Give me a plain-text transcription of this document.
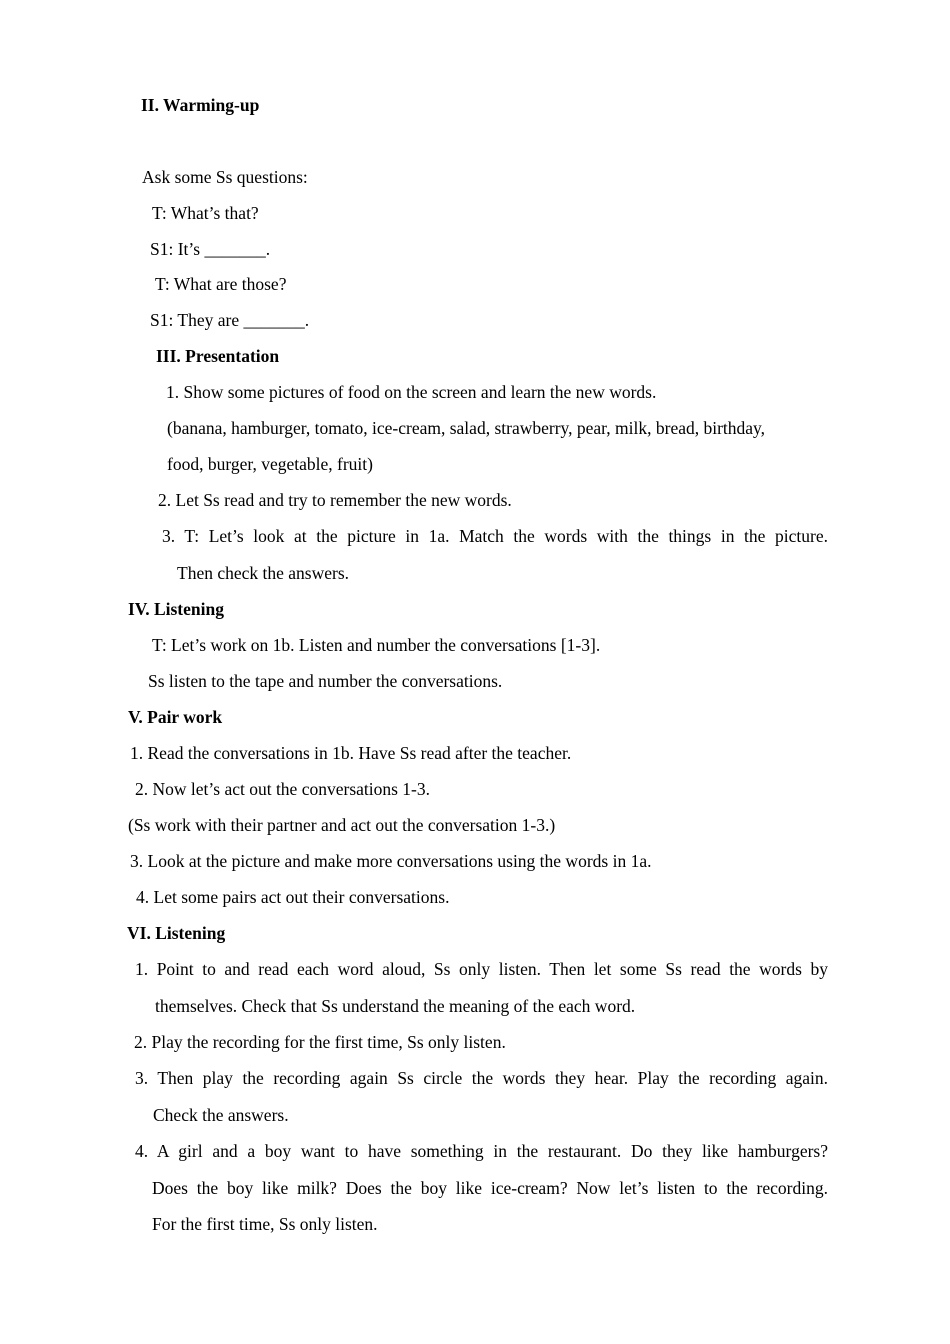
II. Warming-up
Ask some Ss questions:
T: What’s that?
S1: It’s _______.
T: What are those?
S1: They are _______.
III. Presentation
1. Show some pictures of food on the screen and learn the new words.
(banana, hamburger, tomato, ice-cream, salad, strawberry, pear, milk, bread, birthday,
food, burger, vegetable, fruit)
2. Let Ss read and try to remember the new words.
3. T: Let’s look at the picture in 1a. Match the words with the things in the picture.
Then check the answers.
IV. Listening
T: Let’s work on 1b. Listen and number the conversations [1-3].
Ss listen to the tape and number the conversations.
V. Pair work
1. Read the conversations in 1b. Have Ss read after the teacher.
2. Now let’s act out the conversations 1-3.
(Ss work with their partner and act out the conversation 1-3.)
3. Look at the picture and make more conversations using the words in 1a.
4. Let some pairs act out their conversations.
VI. Listening
1. Point to and read each word aloud, Ss only listen. Then let some Ss read the words by
themselves. Check that Ss understand the meaning of the each word.
2. Play the recording for the first time, Ss only listen.
3. Then play the recording again Ss circle the words they hear. Play the recording again.
Check the answers.
4. A girl and a boy want to have something in the restaurant. Do they like hamburgers?
Does the boy like milk? Does the boy like ice-cream? Now let’s listen to the recording.
For the first time, Ss only listen.
